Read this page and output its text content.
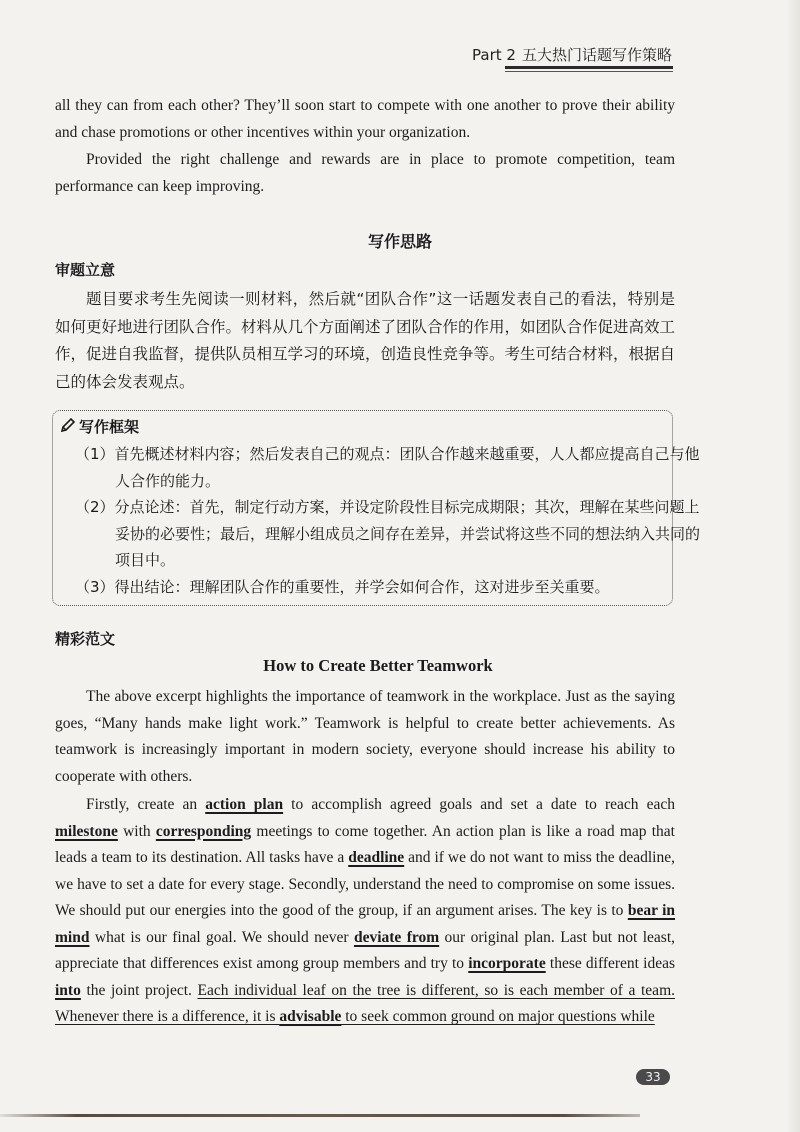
Part 2 五大热门话题写作策略

all they can from each other? They’ll soon start to compete with one another to prove their ability and chase promotions or other incentives within your organization.

Provided the right challenge and rewards are in place to promote competition, team performance can keep improving.

写作思路
审题立意

题目要求考生先阅读一则材料，然后就“团队合作”这一话题发表自己的看法，特别是如何更好地进行团队合作。材料从几个方面阐述了团队合作的作用，如团队合作促进高效工作，促进自我监督，提供队员相互学习的环境，创造良性竞争等。考生可结合材料，根据自己的体会发表观点。

写作框架

（1）首先概述材料内容；然后发表自己的观点：团队合作越来越重要，人人都应提高自己与他人合作的能力。

（2）分点论述：首先，制定行动方案，并设定阶段性目标完成期限；其次，理解在某些问题上妥协的必要性；最后，理解小组成员之间存在差异，并尝试将这些不同的想法纳入共同的项目中。

（3）得出结论：理解团队合作的重要性，并学会如何合作，这对进步至关重要。

精彩范文
How to Create Better Teamwork

The above excerpt highlights the importance of teamwork in the workplace. Just as the saying goes, “Many hands make light work.” Teamwork is helpful to create better achievements. As teamwork is increasingly important in modern society, everyone should increase his ability to cooperate with others.

Firstly, create an action plan to accomplish agreed goals and set a date to reach each milestone with corresponding meetings to come together. An action plan is like a road map that leads a team to its destination. All tasks have a deadline and if we do not want to miss the deadline, we have to set a date for every stage. Secondly, understand the need to compromise on some issues. We should put our energies into the good of the group, if an argument arises. The key is to bear in mind what is our final goal. We should never deviate from our original plan. Last but not least, appreciate that differences exist among group members and try to incorporate these different ideas into the joint project. Each individual leaf on the tree is different, so is each member of a team. Whenever there is a difference, it is advisable to seek common ground on major questions while

33
